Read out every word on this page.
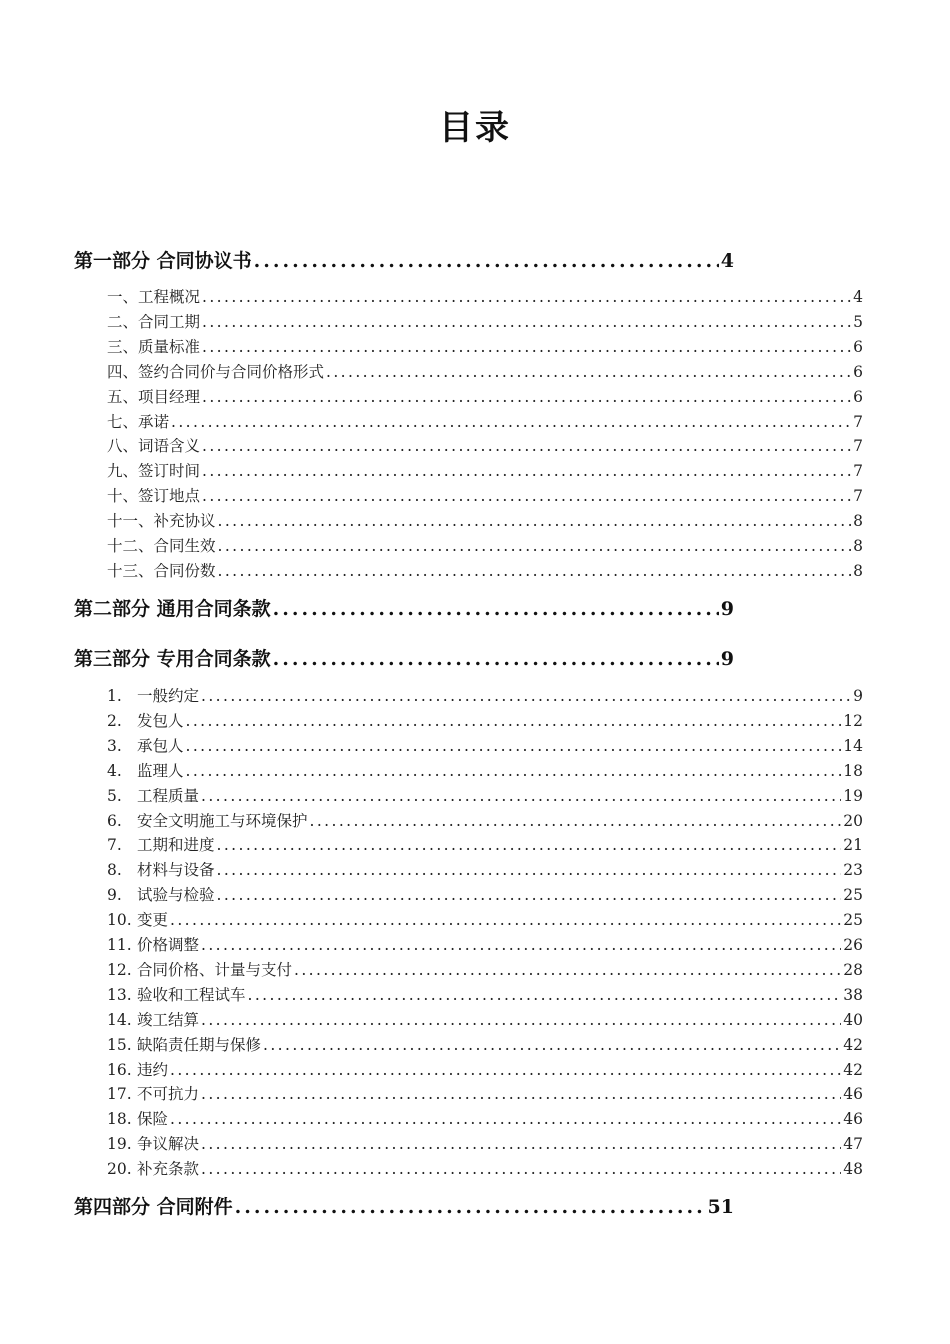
目录
第一部分 合同协议书 .....	4
一、工程概况 .....	4
二、合同工期 .....	5
三、质量标准 .....	6
四、签约合同价与合同价格形式 .....	6
五、项目经理 .....	6
七、承诺 .....	7
八、词语含义 .....	7
九、签订时间 .....	7
十、签订地点 .....	7
十一、补充协议 .....	8
十二、合同生效 .....	8
十三、合同份数 .....	8
第二部分 通用合同条款 .....	9
第三部分 专用合同条款 .....	9
1. 一般约定 .....	9
2. 发包人 .....	12
3. 承包人 .....	14
4. 监理人 .....	18
5. 工程质量 .....	19
6. 安全文明施工与环境保护 .....	20
7. 工期和进度 .....	21
8. 材料与设备 .....	23
9. 试验与检验 .....	25
10. 变更 .....	25
11. 价格调整 .....	26
12. 合同价格、计量与支付 .....	28
13. 验收和工程试车 .....	38
14. 竣工结算 .....	40
15. 缺陷责任期与保修 .....	42
16. 违约 .....	42
17. 不可抗力 .....	46
18. 保险 .....	46
19. 争议解决 .....	47
20. 补充条款 .....	48
第四部分 合同附件 .....	51
